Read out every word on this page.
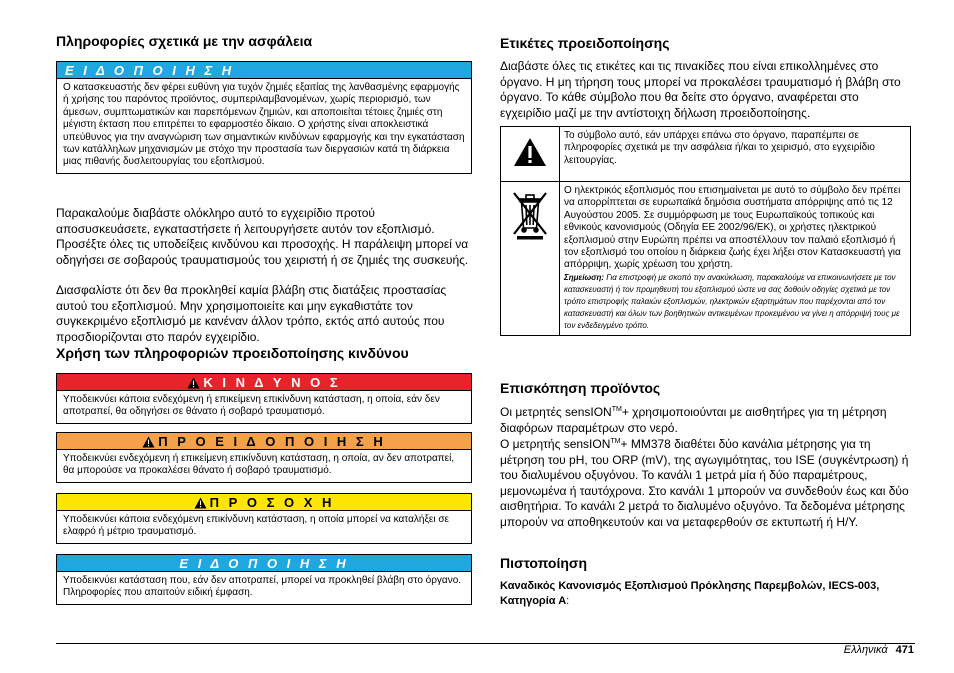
Πληροφορίες σχετικά με την ασφάλεια
Ε Ι Δ Ο Π Ο Ι Η Σ Η
Ο κατασκευαστής δεν φέρει ευθύνη για τυχόν ζημιές εξαιτίας της λανθασμένης εφαρμογής ή χρήσης του παρόντος προϊόντος, συμπεριλαμβανομένων, χωρίς περιορισμό, των άμεσων, συμπτωματικών και παρεπόμενων ζημιών, και αποποιείται τέτοιες ζημιές στη μέγιστη έκταση που επιτρέπει το εφαρμοστέο δίκαιο. Ο χρήστης είναι αποκλειστικά υπεύθυνος για την αναγνώριση των σημαντικών κινδύνων εφαρμογής και την εγκατάσταση των κατάλληλων μηχανισμών με στόχο την προστασία των διεργασιών κατά τη διάρκεια μιας πιθανής δυσλειτουργίας του εξοπλισμού.

Παρακαλούμε διαβάστε ολόκληρο αυτό το εγχειρίδιο προτού αποσυσκευάσετε, εγκαταστήσετε ή λειτουργήσετε αυτόν τον εξοπλισμό. Προσέξτε όλες τις υποδείξεις κινδύνου και προσοχής. Η παράλειψη μπορεί να οδηγήσει σε σοβαρούς τραυματισμούς του χειριστή ή σε ζημιές της συσκευής.

Διασφαλίστε ότι δεν θα προκληθεί καμία βλάβη στις διατάξεις προστασίας αυτού του εξοπλισμού. Μην χρησιμοποιείτε και μην εγκαθιστάτε τον συγκεκριμένο εξοπλισμό με κανέναν άλλον τρόπο, εκτός από αυτούς που προσδιορίζονται στο παρόν εγχειρίδιο.

Χρήση των πληροφοριών προειδοποίησης κινδύνου
Κ Ι Ν Δ Υ Ν Ο Σ
Υποδεικνύει κάποια ενδεχόμενη ή επικείμενη επικίνδυνη κατάσταση, η οποία, εάν δεν αποτραπεί, θα οδηγήσει σε θάνατο ή σοβαρό τραυματισμό.
Π Ρ Ο Ε Ι Δ Ο Π Ο Ι Η Σ Η
Υποδεικνύει ενδεχόμενη ή επικείμενη επικίνδυνη κατάσταση, η οποία, αν δεν αποτραπεί, θα μπορούσε να προκαλέσει θάνατο ή σοβαρό τραυματισμό.
Π Ρ Ο Σ Ο Χ Η
Υποδεικνύει κάποια ενδεχόμενη επικίνδυνη κατάσταση, η οποία μπορεί να καταλήξει σε ελαφρό ή μέτριο τραυματισμό.
Ε Ι Δ Ο Π Ο Ι Η Σ Η
Υποδεικνύει κατάσταση που, εάν δεν αποτραπεί, μπορεί να προκληθεί βλάβη στο όργανο. Πληροφορίες που απαιτούν ειδική έμφαση.
Ετικέτες προειδοποίησης

Διαβάστε όλες τις ετικέτες και τις πινακίδες που είναι επικολλημένες στο όργανο. Η μη τήρηση τους μπορεί να προκαλέσει τραυματισμό ή βλάβη στο όργανο. Το κάθε σύμβολο που θα δείτε στο όργανο, αναφέρεται στο εγχειρίδιο μαζί με την αντίστοιχη δήλωση προειδοποίησης.

	Το σύμβολο αυτό, εάν υπάρχει επάνω στο όργανο, παραπέμπει σε πληροφορίες σχετικά με την ασφάλεια ή/και το χειρισμό, στο εγχειρίδιο λειτουργίας.

Ο ηλεκτρικός εξοπλισμός που επισημαίνεται με αυτό το σύμβολο δεν πρέπει να απορρίπτεται σε ευρωπαϊκά δημόσια συστήματα απόρριψης από τις 12 Αυγούστου 2005. Σε συμμόρφωση με τους Ευρωπαϊκούς τοπικούς και εθνικούς κανονισμούς (Οδηγία ΕΕ 2002/96/ΕΚ), οι χρήστες ηλεκτρικού εξοπλισμού στην Ευρώπη πρέπει να αποστέλλουν τον παλαιό εξοπλισμό ή τον εξοπλισμό του οποίου η διάρκεια ζωής έχει λήξει στον Κατασκευαστή για απόρριψη, χωρίς χρέωση του χρήστη.
Σημείωση: Για επιστροφή με σκοπό την ανακύκλωση, παρακαλούμε να επικοινωνήσετε με τον κατασκευαστή ή τον προμηθευτή του εξοπλισμού ώστε να σας δοθούν οδηγίες σχετικά με τον τρόπο επιστροφής παλαιών εξοπλισμών, ηλεκτρικών εξαρτημάτων που παρέχονται από τον κατασκευαστή και όλων των βοηθητικών αντικειμένων προκειμένου να γίνει η απόρριψή τους με τον ενδεδειγμένο τρόπο.
Επισκόπηση προϊόντος

Οι μετρητές sensION™+ χρησιμοποιούνται με αισθητήρες για τη μέτρηση διαφόρων παραμέτρων στο νερό.

Ο μετρητής sensION™+ MM378 διαθέτει δύο κανάλια μέτρησης για τη μέτρηση του pH, του ORP (mV), της αγωγιμότητας, του ISE (συγκέντρωση) ή του διαλυμένου οξυγόνου. Το κανάλι 1 μετρά μία ή δύο παραμέτρους, μεμονωμένα ή ταυτόχρονα. Στο κανάλι 1 μπορούν να συνδεθούν έως και δύο αισθητήρια. Το κανάλι 2 μετρά το διαλυμένο οξυγόνο. Τα δεδομένα μέτρησης μπορούν να αποθηκευτούν και να μεταφερθούν σε εκτυπωτή ή Η/Υ.

Πιστοποίηση

Καναδικός Κανονισμός Εξοπλισμού Πρόκλησης Παρεμβολών, IECS-003, Κατηγορία Α:

Ελληνικά 471
